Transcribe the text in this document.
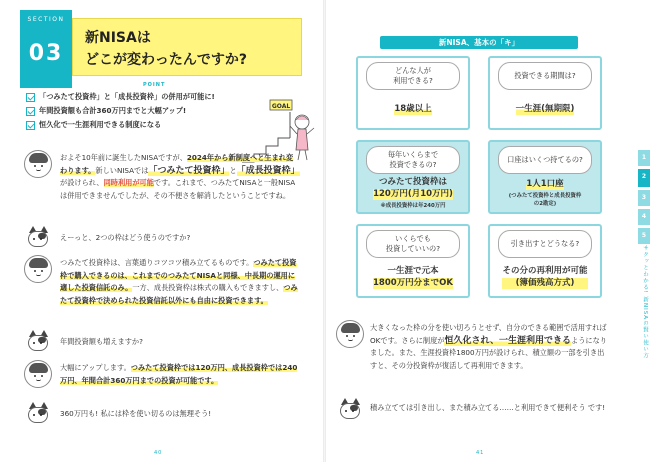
SECTION
03
新NISAは
どこが変わったんですか?
POINT
「つみたて投資枠」と「成長投資枠」の併用が可能に!
年間投資額も合計360万円までと大幅アップ!
恒久化で一生涯利用できる制度になる
GOAL
およそ10年前に誕生したNISAですが、2024年から新制度へと生まれ変わります。新しいNISAでは「つみたて投資枠」と「成長投資枠」が設けられ、同時利用が可能です。これまで、つみたてNISAと一般NISAは併用できませんでしたが、その不便さを解消したということですね。
えーっと、2つの枠はどう使うのですか?
つみたて投資枠は、言葉通りコツコツ積み立てるものです。つみたて投資枠で購入できるのは、これまでのつみたてNISAと同様、中長期の運用に適した投資信託のみ。一方、成長投資枠は株式の購入もできますし、つみたて投資枠で決められた投資信託以外にも自由に投資できます。
年間投資額も増えますか?
大幅にアップします。つみたて投資枠では120万円、成長投資枠では240万円、年間合計360万円までの投資が可能です。
360万円も! 私には枠を使い切るのは無理そう!
40
新NISA、基本の「キ」
どんな人が
利用できる?
18歳以上
投資できる期間は?
一生涯(無期限)
毎年いくらまで
投資できるの?
つみたて投資枠は
120万円(月10万円)
※成長投資枠は年240万円
口座はいくつ持てるの?
1人1口座
(つみたて投資枠と成長投資枠
の2勘定)
いくらでも
投資していいの?
一生涯で元本
1800万円分までOK
引き出すとどうなる?
その分の再利用が可能
(簿価残高方式)
大きくなった枠の分を使い切ろうとせず、自分のできる範囲で活用すればOKです。さらに制度が恒久化され、一生涯利用できるようになりました。また、生涯投資枠1800万円が設けられ、積立額の一部を引き出すと、その分投資枠が復活して再利用できます。
積み立てては引き出し、また積み立てる……と利用できて便利そう です!
1
2
3
4
5
サクッとわかる! 新NISAの賢い使い方
41
